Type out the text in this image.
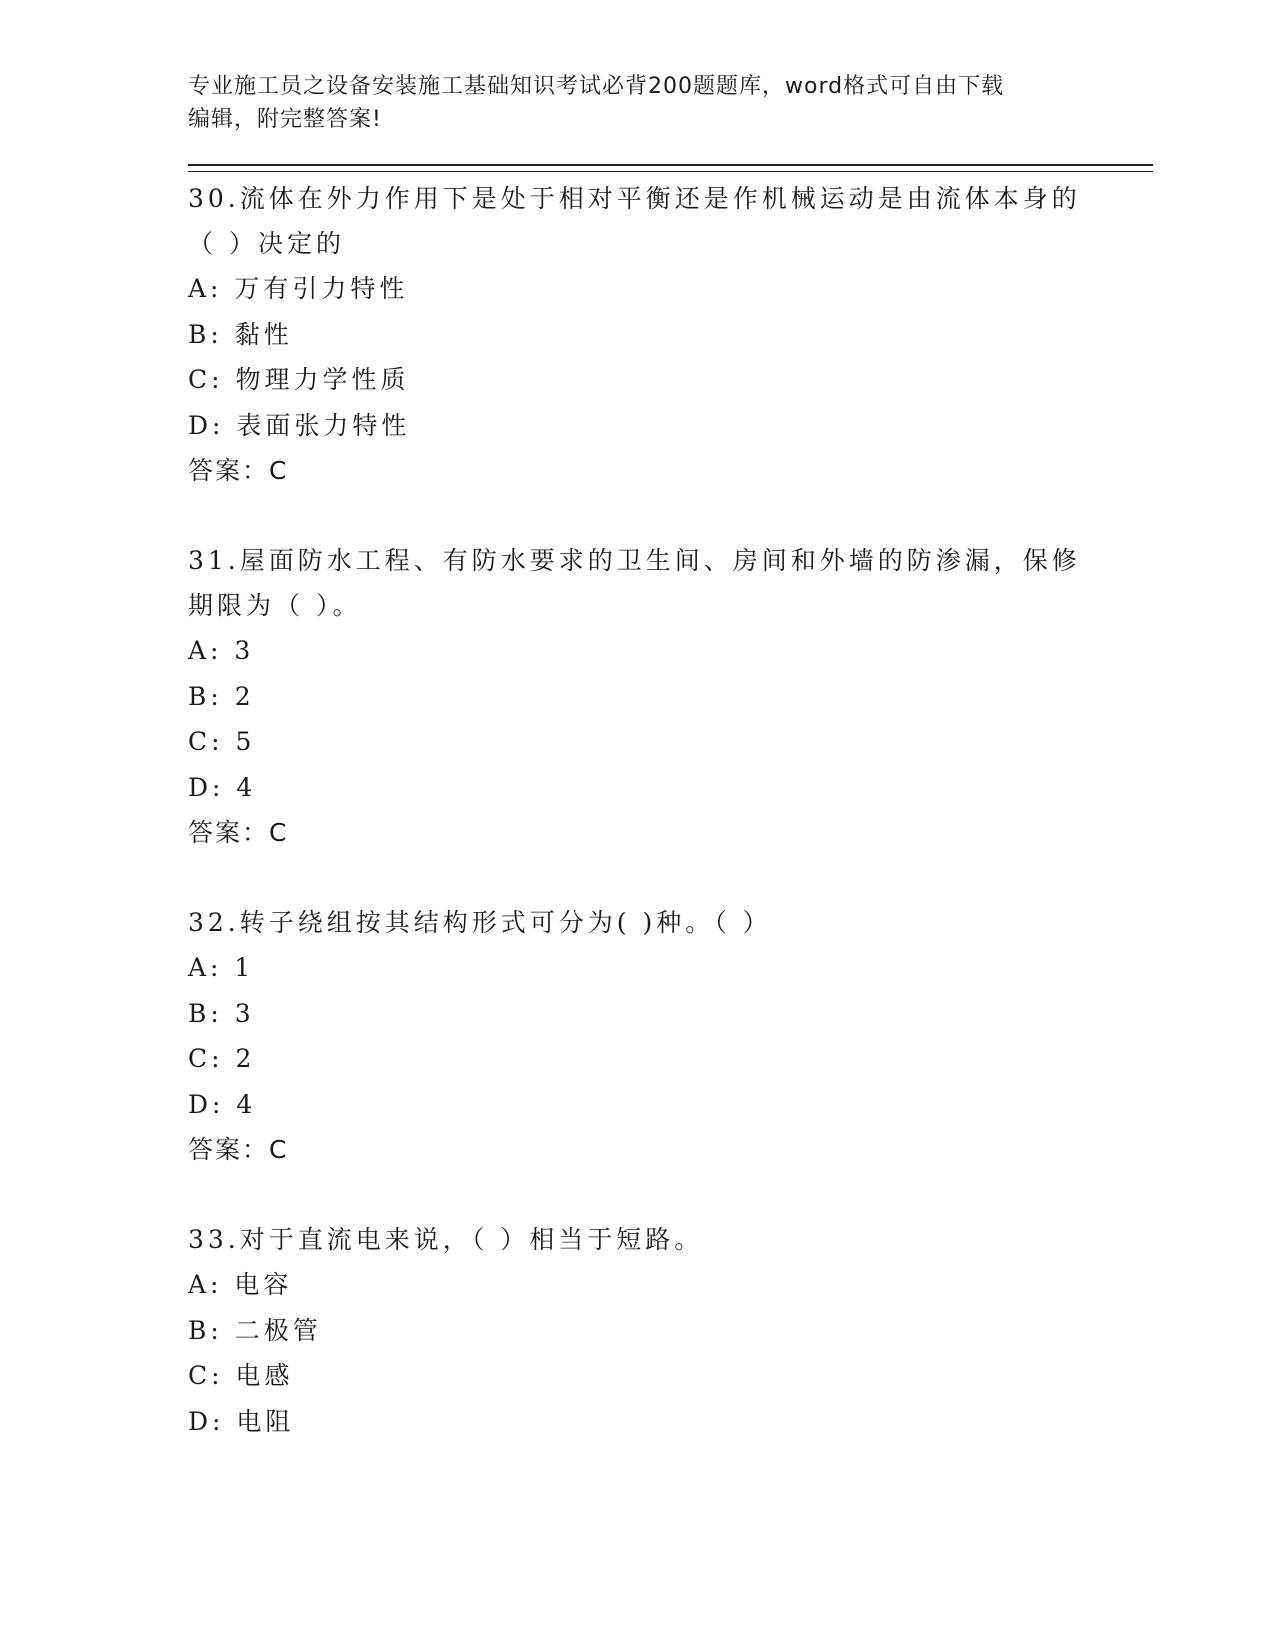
专业施工员之设备安装施工基础知识考试必背200题题库，word格式可自由下载
编辑，附完整答案!
30.流体在外力作用下是处于相对平衡还是作机械运动是由流体本身的
（ ）决定的
A: 万有引力特性
B: 黏性
C: 物理力学性质
D: 表面张力特性
答案：C
31.屋面防水工程、有防水要求的卫生间、房间和外墙的防渗漏，保修
期限为（ ）。
A: 3
B: 2
C: 5
D: 4
答案：C
32.转子绕组按其结构形式可分为( )种。（ ）
A: 1
B: 3
C: 2
D: 4
答案：C
33.对于直流电来说，（ ）相当于短路。
A: 电容
B: 二极管
C: 电感
D: 电阻
